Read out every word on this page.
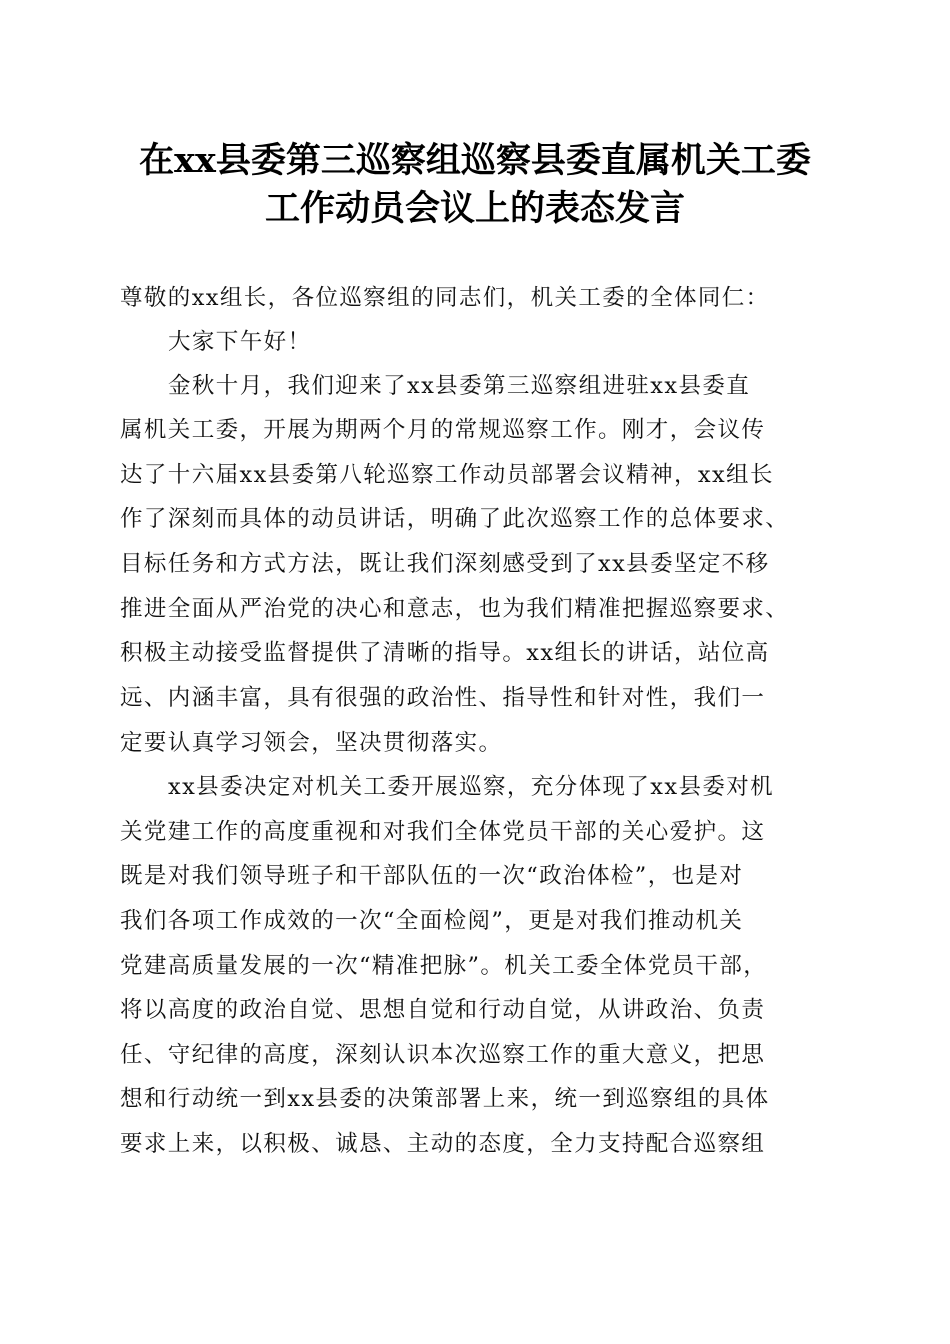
在xx县委第三巡察组巡察县委直属机关工委
工作动员会议上的表态发言
尊敬的xx组长，各位巡察组的同志们，机关工委的全体同仁：
大家下午好！
金秋十月，我们迎来了xx县委第三巡察组进驻xx县委直
属机关工委，开展为期两个月的常规巡察工作。刚才，会议传
达了十六届xx县委第八轮巡察工作动员部署会议精神，xx组长
作了深刻而具体的动员讲话，明确了此次巡察工作的总体要求、
目标任务和方式方法，既让我们深刻感受到了xx县委坚定不移
推进全面从严治党的决心和意志，也为我们精准把握巡察要求、
积极主动接受监督提供了清晰的指导。xx组长的讲话，站位高
远、内涵丰富，具有很强的政治性、指导性和针对性，我们一
定要认真学习领会，坚决贯彻落实。
xx县委决定对机关工委开展巡察，充分体现了xx县委对机
关党建工作的高度重视和对我们全体党员干部的关心爱护。这
既是对我们领导班子和干部队伍的一次“政治体检”，也是对
我们各项工作成效的一次“全面检阅”，更是对我们推动机关
党建高质量发展的一次“精准把脉”。机关工委全体党员干部，
将以高度的政治自觉、思想自觉和行动自觉，从讲政治、负责
任、守纪律的高度，深刻认识本次巡察工作的重大意义，把思
想和行动统一到xx县委的决策部署上来，统一到巡察组的具体
要求上来，以积极、诚恳、主动的态度，全力支持配合巡察组
